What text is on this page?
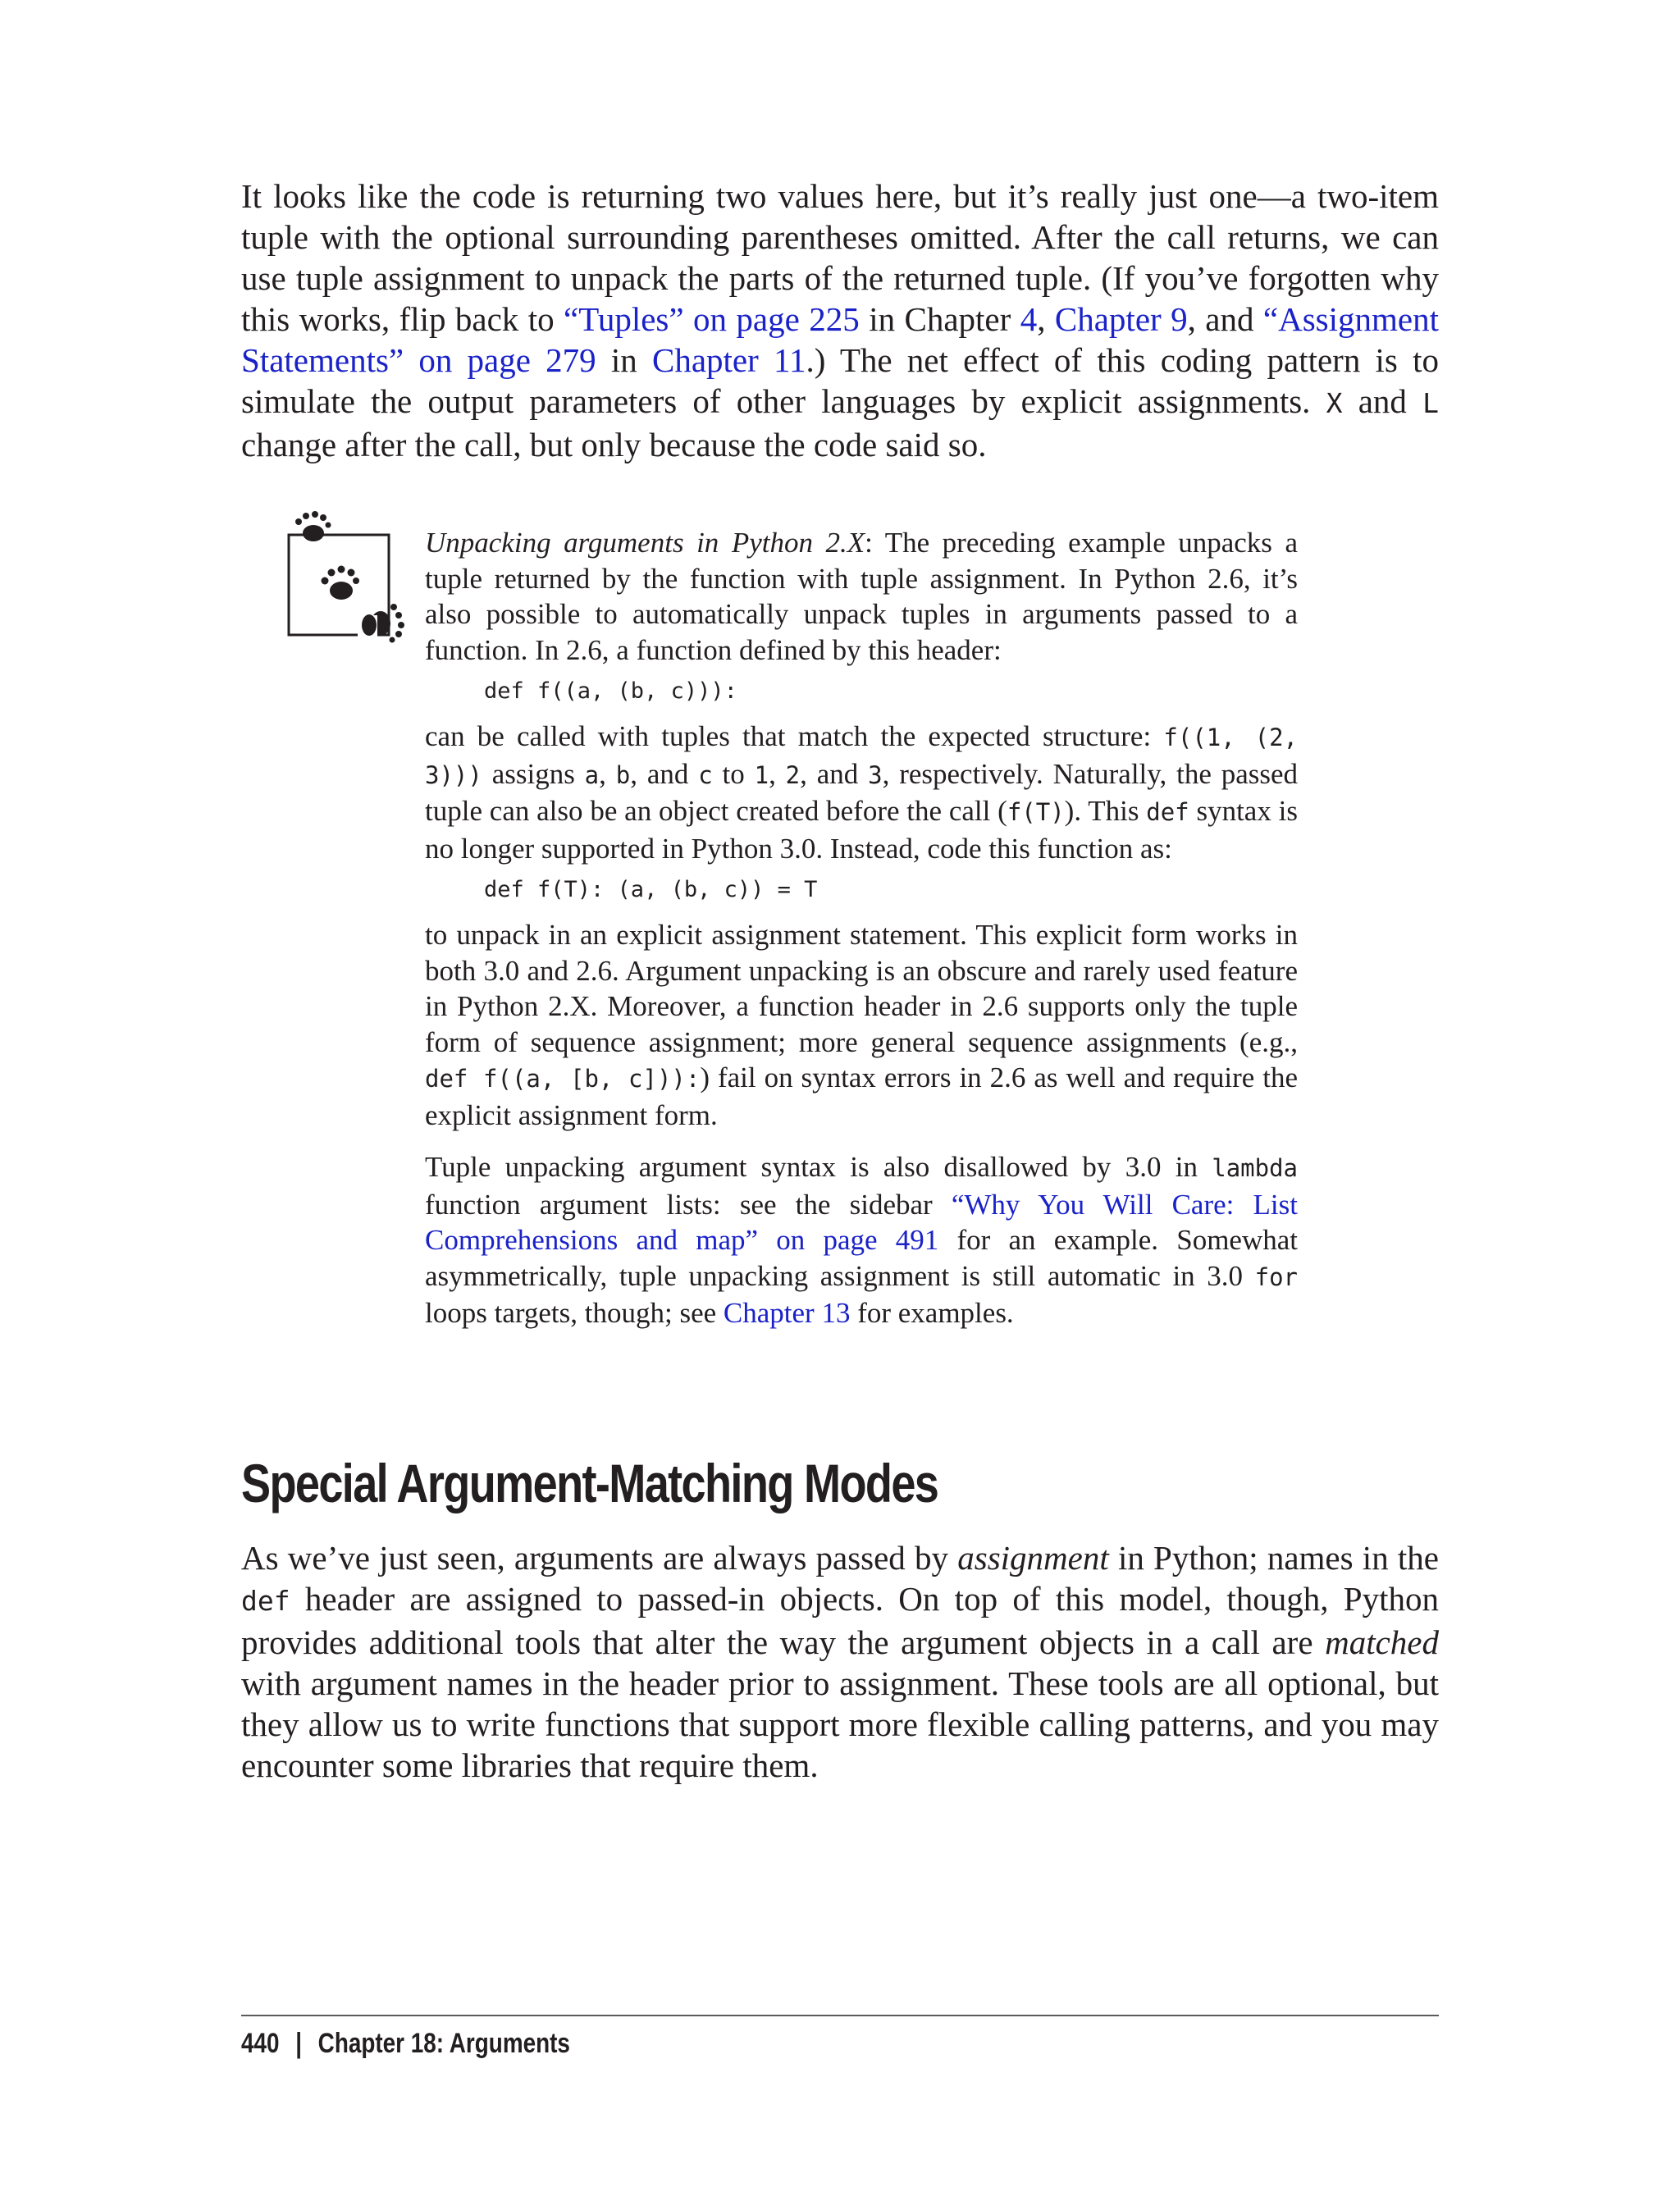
It looks like the code is returning two values here, but it’s really just one—a two-item tuple with the optional surrounding parentheses omitted. After the call returns, we can use tuple assignment to unpack the parts of the returned tuple. (If you’ve forgotten why this works, flip back to “Tuples” on page 225 in Chapter 4, Chapter 9, and “Assignment Statements” on page 279 in Chapter 11.) The net effect of this coding pattern is to simulate the output parameters of other languages by explicit assignments. X and L change after the call, but only because the code said so.

Unpacking arguments in Python 2.X: The preceding example unpacks a tuple returned by the function with tuple assignment. In Python 2.6, it’s also possible to automatically unpack tuples in arguments passed to a function. In 2.6, a function defined by this header:

def f((a, (b, c))):

can be called with tuples that match the expected structure: f((1, (2, 3))) assigns a, b, and c to 1, 2, and 3, respectively. Naturally, the passed tuple can also be an object created before the call (f(T)). This def syntax is no longer supported in Python 3.0. Instead, code this function as:

def f(T): (a, (b, c)) = T

to unpack in an explicit assignment statement. This explicit form works in both 3.0 and 2.6. Argument unpacking is an obscure and rarely used feature in Python 2.X. Moreover, a function header in 2.6 supports only the tuple form of sequence assignment; more general sequence assignments (e.g., def f((a, [b, c])):) fail on syntax errors in 2.6 as well and require the explicit assignment form.

Tuple unpacking argument syntax is also disallowed by 3.0 in lambda function argument lists: see the sidebar “Why You Will Care: List Comprehensions and map” on page 491 for an example. Somewhat asymmetrically, tuple unpacking assignment is still automatic in 3.0 for loops targets, though; see Chapter 13 for examples.

Special Argument-Matching Modes

As we’ve just seen, arguments are always passed by assignment in Python; names in the def header are assigned to passed-in objects. On top of this model, though, Python provides additional tools that alter the way the argument objects in a call are matched with argument names in the header prior to assignment. These tools are all optional, but they allow us to write functions that support more flexible calling patterns, and you may encounter some libraries that require them.

440 | Chapter 18: Arguments
